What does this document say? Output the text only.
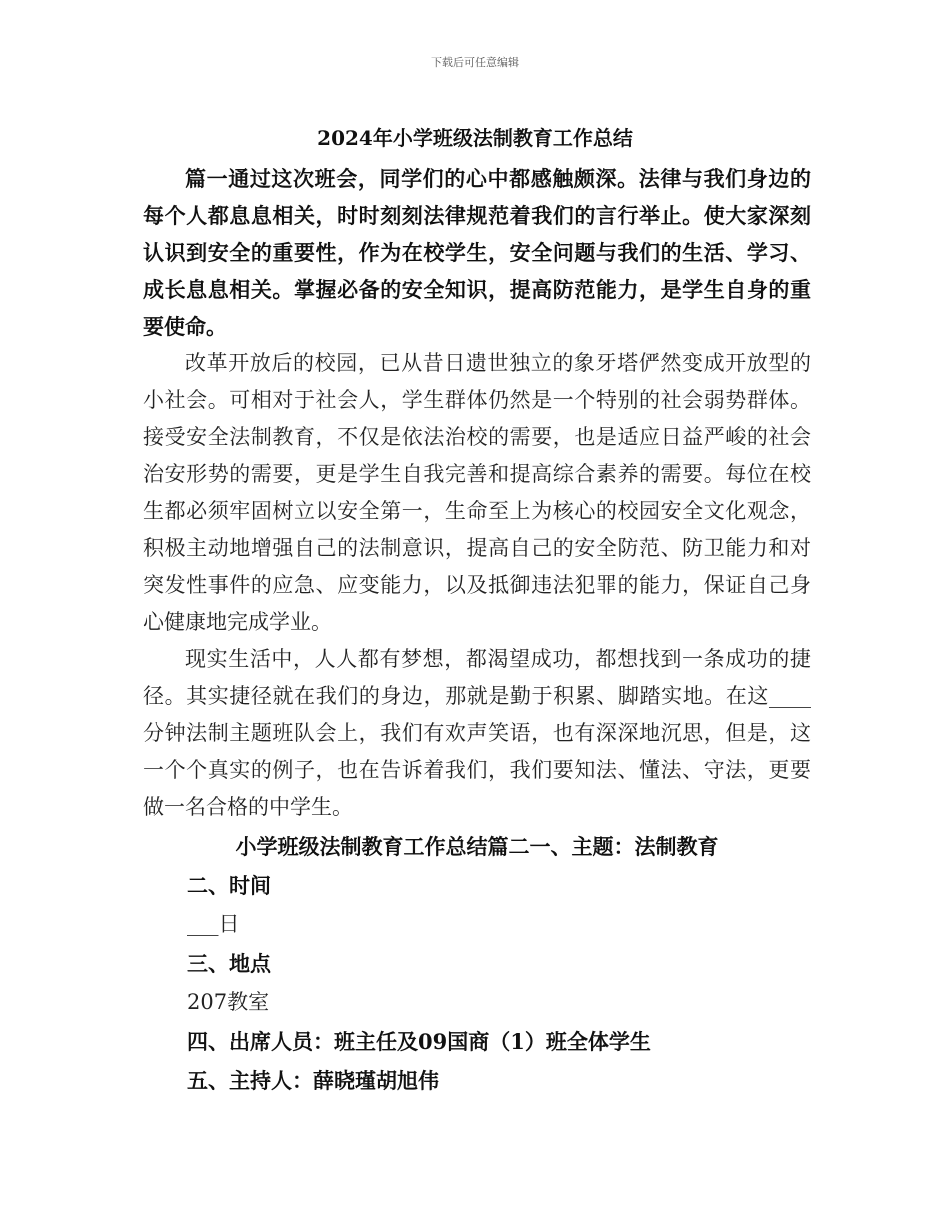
下载后可任意编辑
2024年小学班级法制教育工作总结

篇一通过这次班会，同学们的心中都感触颇深。法律与我们身边的每个人都息息相关，时时刻刻法律规范着我们的言行举止。使大家深刻认识到安全的重要性，作为在校学生，安全问题与我们的生活、学习、成长息息相关。掌握必备的安全知识，提高防范能力，是学生自身的重要使命。

改革开放后的校园，已从昔日遗世独立的象牙塔俨然变成开放型的小社会。可相对于社会人，学生群体仍然是一个特别的社会弱势群体。接受安全法制教育，不仅是依法治校的需要，也是适应日益严峻的社会治安形势的需要，更是学生自我完善和提高综合素养的需要。每位在校生都必须牢固树立以安全第一，生命至上为核心的校园安全文化观念，积极主动地增强自己的法制意识，提高自己的安全防范、防卫能力和对突发性事件的应急、应变能力，以及抵御违法犯罪的能力，保证自己身心健康地完成学业。

现实生活中，人人都有梦想，都渴望成功，都想找到一条成功的捷径。其实捷径就在我们的身边，那就是勤于积累、脚踏实地。在这____分钟法制主题班队会上，我们有欢声笑语，也有深深地沉思，但是，这一个个真实的例子，也在告诉着我们，我们要知法、懂法、守法，更要做一名合格的中学生。

小学班级法制教育工作总结篇二一、主题：法制教育

二、时间

___日

三、地点

207教室

四、出席人员：班主任及09国商（1）班全体学生

五、主持人：薛晓瑾胡旭伟
